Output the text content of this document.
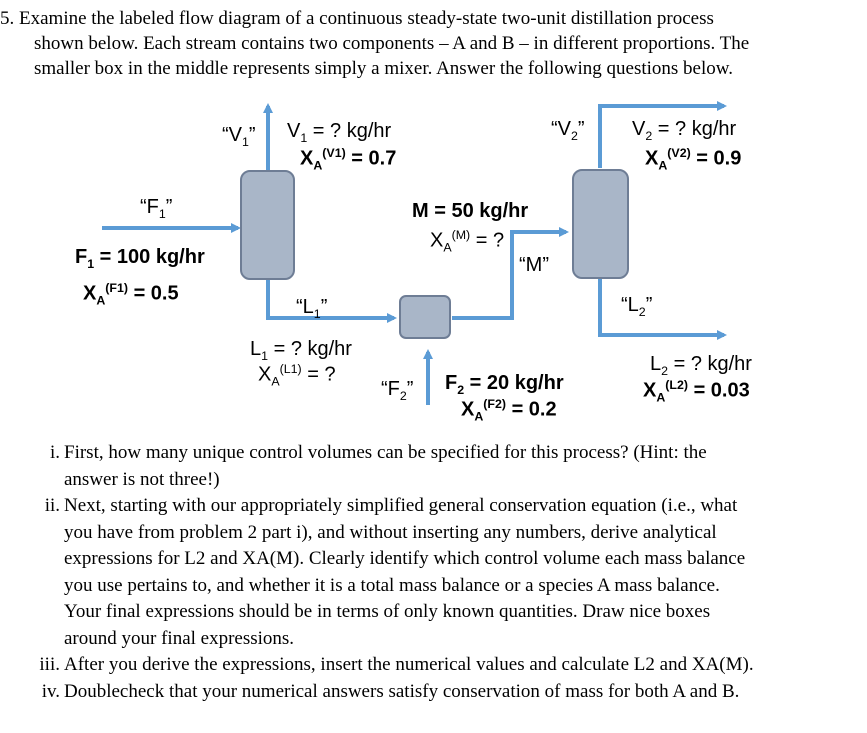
5. Examine the labeled flow diagram of a continuous steady-state two-unit distillation process
shown below. Each stream contains two components – A and B – in different proportions. The
smaller box in the middle represents simply a mixer. Answer the following questions below.
“$F_1$”
$F_1 = 100$ kg/hr
$X_A^{(F1)} = 0.5$
“$V_1$” $V_1$ = ? kg/hr
$X_A^{(V1)} = 0.7$
“$L_1$”
$L_1$ = ? kg/hr
$X_A^{(L1)}$ = ?
“$F_2$” $F_2 = 20$ kg/hr
$X_A^{(F2)} = 0.2$
M = 50 kg/hr
$X_A^{(M)}$ = ?
“M”
“$V_2$” $V_2$ = ? kg/hr
$X_A^{(V2)} = 0.9$
“$L_2$”
$L_2$ = ? kg/hr
$X_A^{(L2)} = 0.03$
i. First, how many unique control volumes can be specified for this process? (Hint: the
answer is not three!)
ii. Next, starting with our appropriately simplified general conservation equation (i.e., what
you have from problem 2 part i), and without inserting any numbers, derive analytical
expressions for L2 and XA(M). Clearly identify which control volume each mass balance
you use pertains to, and whether it is a total mass balance or a species A mass balance.
Your final expressions should be in terms of only known quantities. Draw nice boxes
around your final expressions.
iii. After you derive the expressions, insert the numerical values and calculate L2 and XA(M).
iv. Doublecheck that your numerical answers satisfy conservation of mass for both A and B.
